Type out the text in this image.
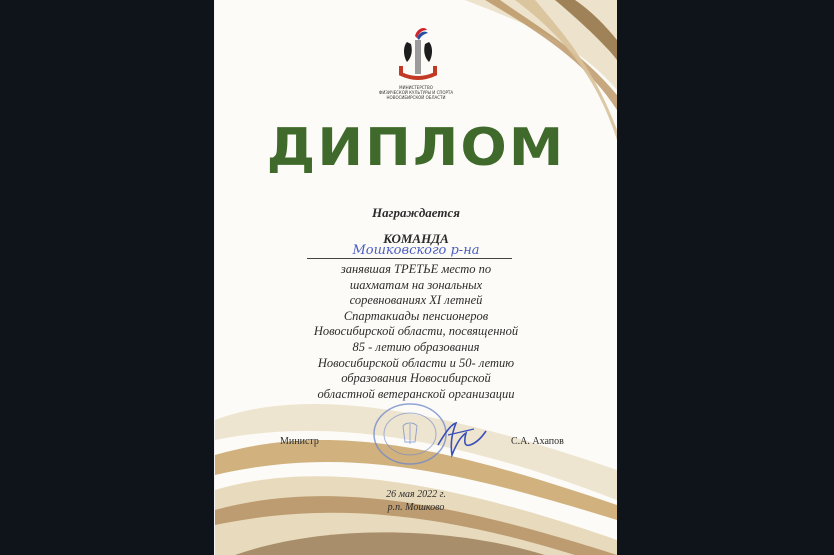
МИНИСТЕРСТВО
ФИЗИЧЕСКОЙ КУЛЬТУРЫ И СПОРТА
НОВОСИБИРСКОЙ ОБЛАСТИ
ДИПЛОМ
Награждается
КОМАНДА
Мошковского р-на
занявшая ТРЕТЬЕ место по
шахматам на зональных
соревнованиях XI летней
Спартакиады пенсионеров
Новосибирской области, посвященной
85 - летию образования
Новосибирской области и 50- летию
образования Новосибирской
областной ветеранской организации
Министр	С.А. Ахапов
26 мая 2022 г.
р.п. Мошково
